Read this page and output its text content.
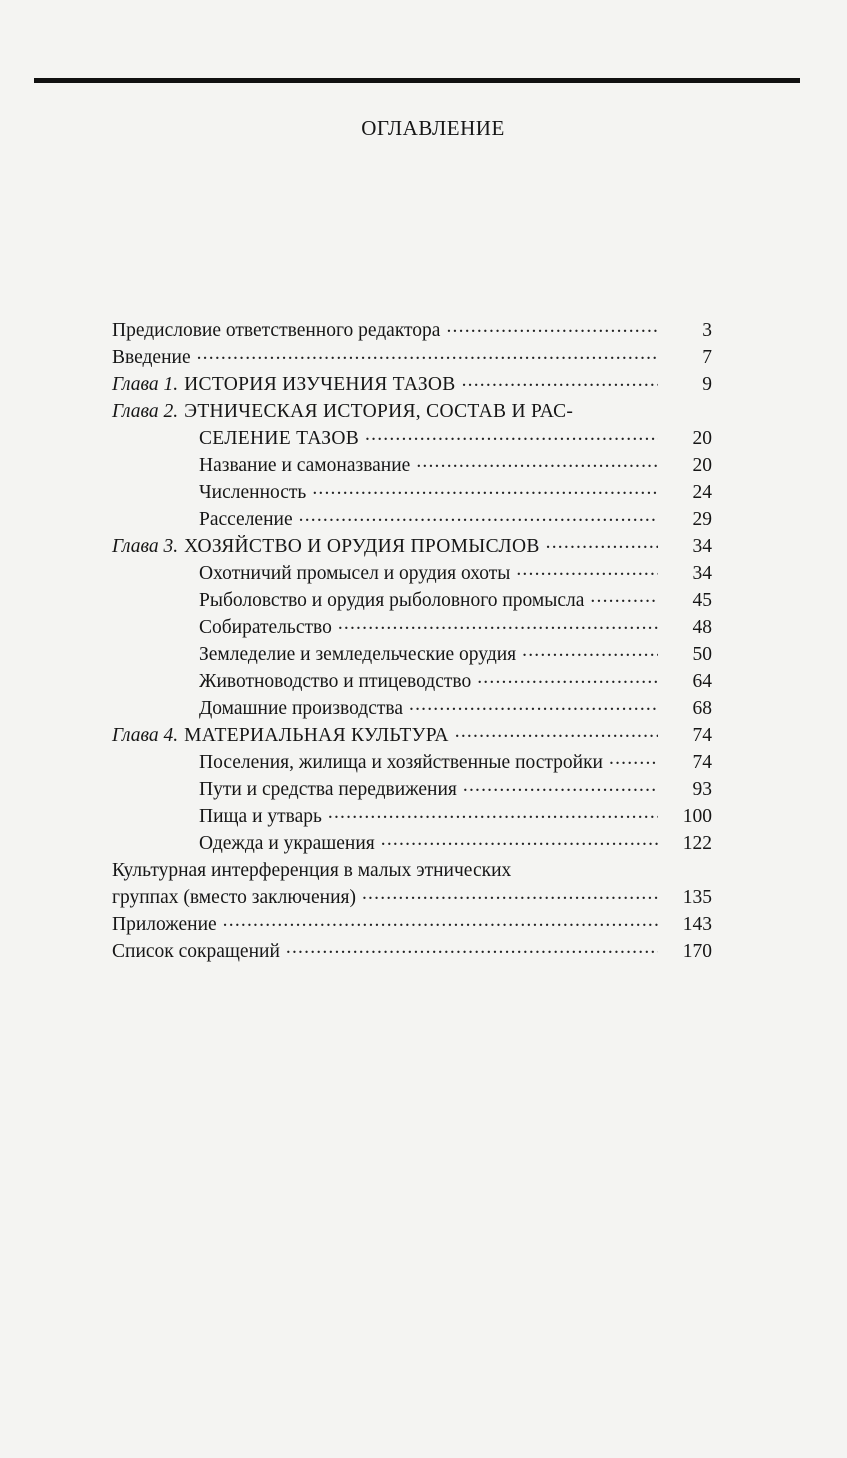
ОГЛАВЛЕНИЕ
Предисловие ответственного редактора .....	3
Введение .....	7
Глава 1. ИСТОРИЯ ИЗУЧЕНИЯ ТАЗОВ .....	9
Глава 2. ЭТНИЧЕСКАЯ ИСТОРИЯ, СОСТАВ И РАС-
СЕЛЕНИЕ ТАЗОВ .....	20
Название и самоназвание .....	20
Численность .....	24
Расселение .....	29
Глава 3. ХОЗЯЙСТВО И ОРУДИЯ ПРОМЫСЛОВ .....	34
Охотничий промысел и орудия охоты .....	34
Рыболовство и орудия рыболовного промысла .....	45
Собирательство .....	48
Земледелие и земледельческие орудия .....	50
Животноводство и птицеводство .....	64
Домашние производства .....	68
Глава 4. МАТЕРИАЛЬНАЯ КУЛЬТУРА .....	74
Поселения, жилища и хозяйственные постройки .....	74
Пути и средства передвижения .....	93
Пища и утварь .....	100
Одежда и украшения .....	122
Культурная интерференция в малых этнических
группах (вместо заключения) .....	135
Приложение .....	143
Список сокращений .....	170
